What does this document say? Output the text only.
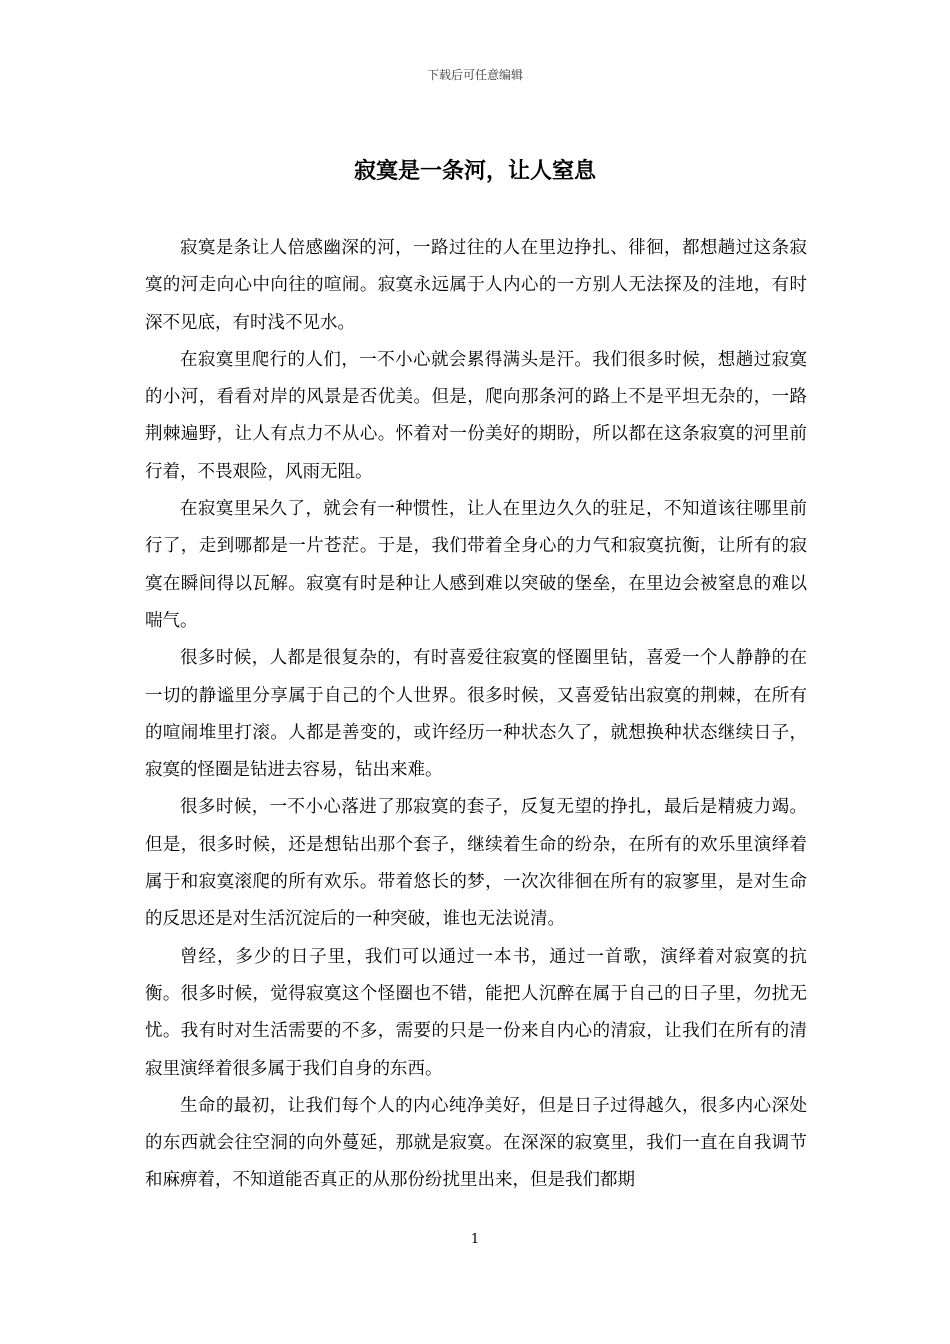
下载后可任意编辑
寂寞是一条河，让人窒息

寂寞是条让人倍感幽深的河，一路过往的人在里边挣扎、徘徊，都想趟过这条寂寞的河走向心中向往的喧闹。寂寞永远属于人内心的一方别人无法探及的洼地，有时深不见底，有时浅不见水。

在寂寞里爬行的人们，一不小心就会累得满头是汗。我们很多时候，想趟过寂寞的小河，看看对岸的风景是否优美。但是，爬向那条河的路上不是平坦无杂的，一路荆棘遍野，让人有点力不从心。怀着对一份美好的期盼，所以都在这条寂寞的河里前行着，不畏艰险，风雨无阻。

在寂寞里呆久了，就会有一种惯性，让人在里边久久的驻足，不知道该往哪里前行了，走到哪都是一片苍茫。于是，我们带着全身心的力气和寂寞抗衡，让所有的寂寞在瞬间得以瓦解。寂寞有时是种让人感到难以突破的堡垒，在里边会被窒息的难以喘气。

很多时候，人都是很复杂的，有时喜爱往寂寞的怪圈里钻，喜爱一个人静静的在一切的静谧里分享属于自己的个人世界。很多时候，又喜爱钻出寂寞的荆棘，在所有的喧闹堆里打滚。人都是善变的，或许经历一种状态久了，就想换种状态继续日子，寂寞的怪圈是钻进去容易，钻出来难。

很多时候，一不小心落进了那寂寞的套子，反复无望的挣扎，最后是精疲力竭。但是，很多时候，还是想钻出那个套子，继续着生命的纷杂，在所有的欢乐里演绎着属于和寂寞滚爬的所有欢乐。带着悠长的梦，一次次徘徊在所有的寂寥里，是对生命的反思还是对生活沉淀后的一种突破，谁也无法说清。

曾经，多少的日子里，我们可以通过一本书，通过一首歌，演绎着对寂寞的抗衡。很多时候，觉得寂寞这个怪圈也不错，能把人沉醉在属于自己的日子里，勿扰无忧。我有时对生活需要的不多，需要的只是一份来自内心的清寂，让我们在所有的清寂里演绎着很多属于我们自身的东西。

生命的最初，让我们每个人的内心纯净美好，但是日子过得越久，很多内心深处的东西就会往空洞的向外蔓延，那就是寂寞。在深深的寂寞里，我们一直在自我调节和麻痹着，不知道能否真正的从那份纷扰里出来，但是我们都期

1
